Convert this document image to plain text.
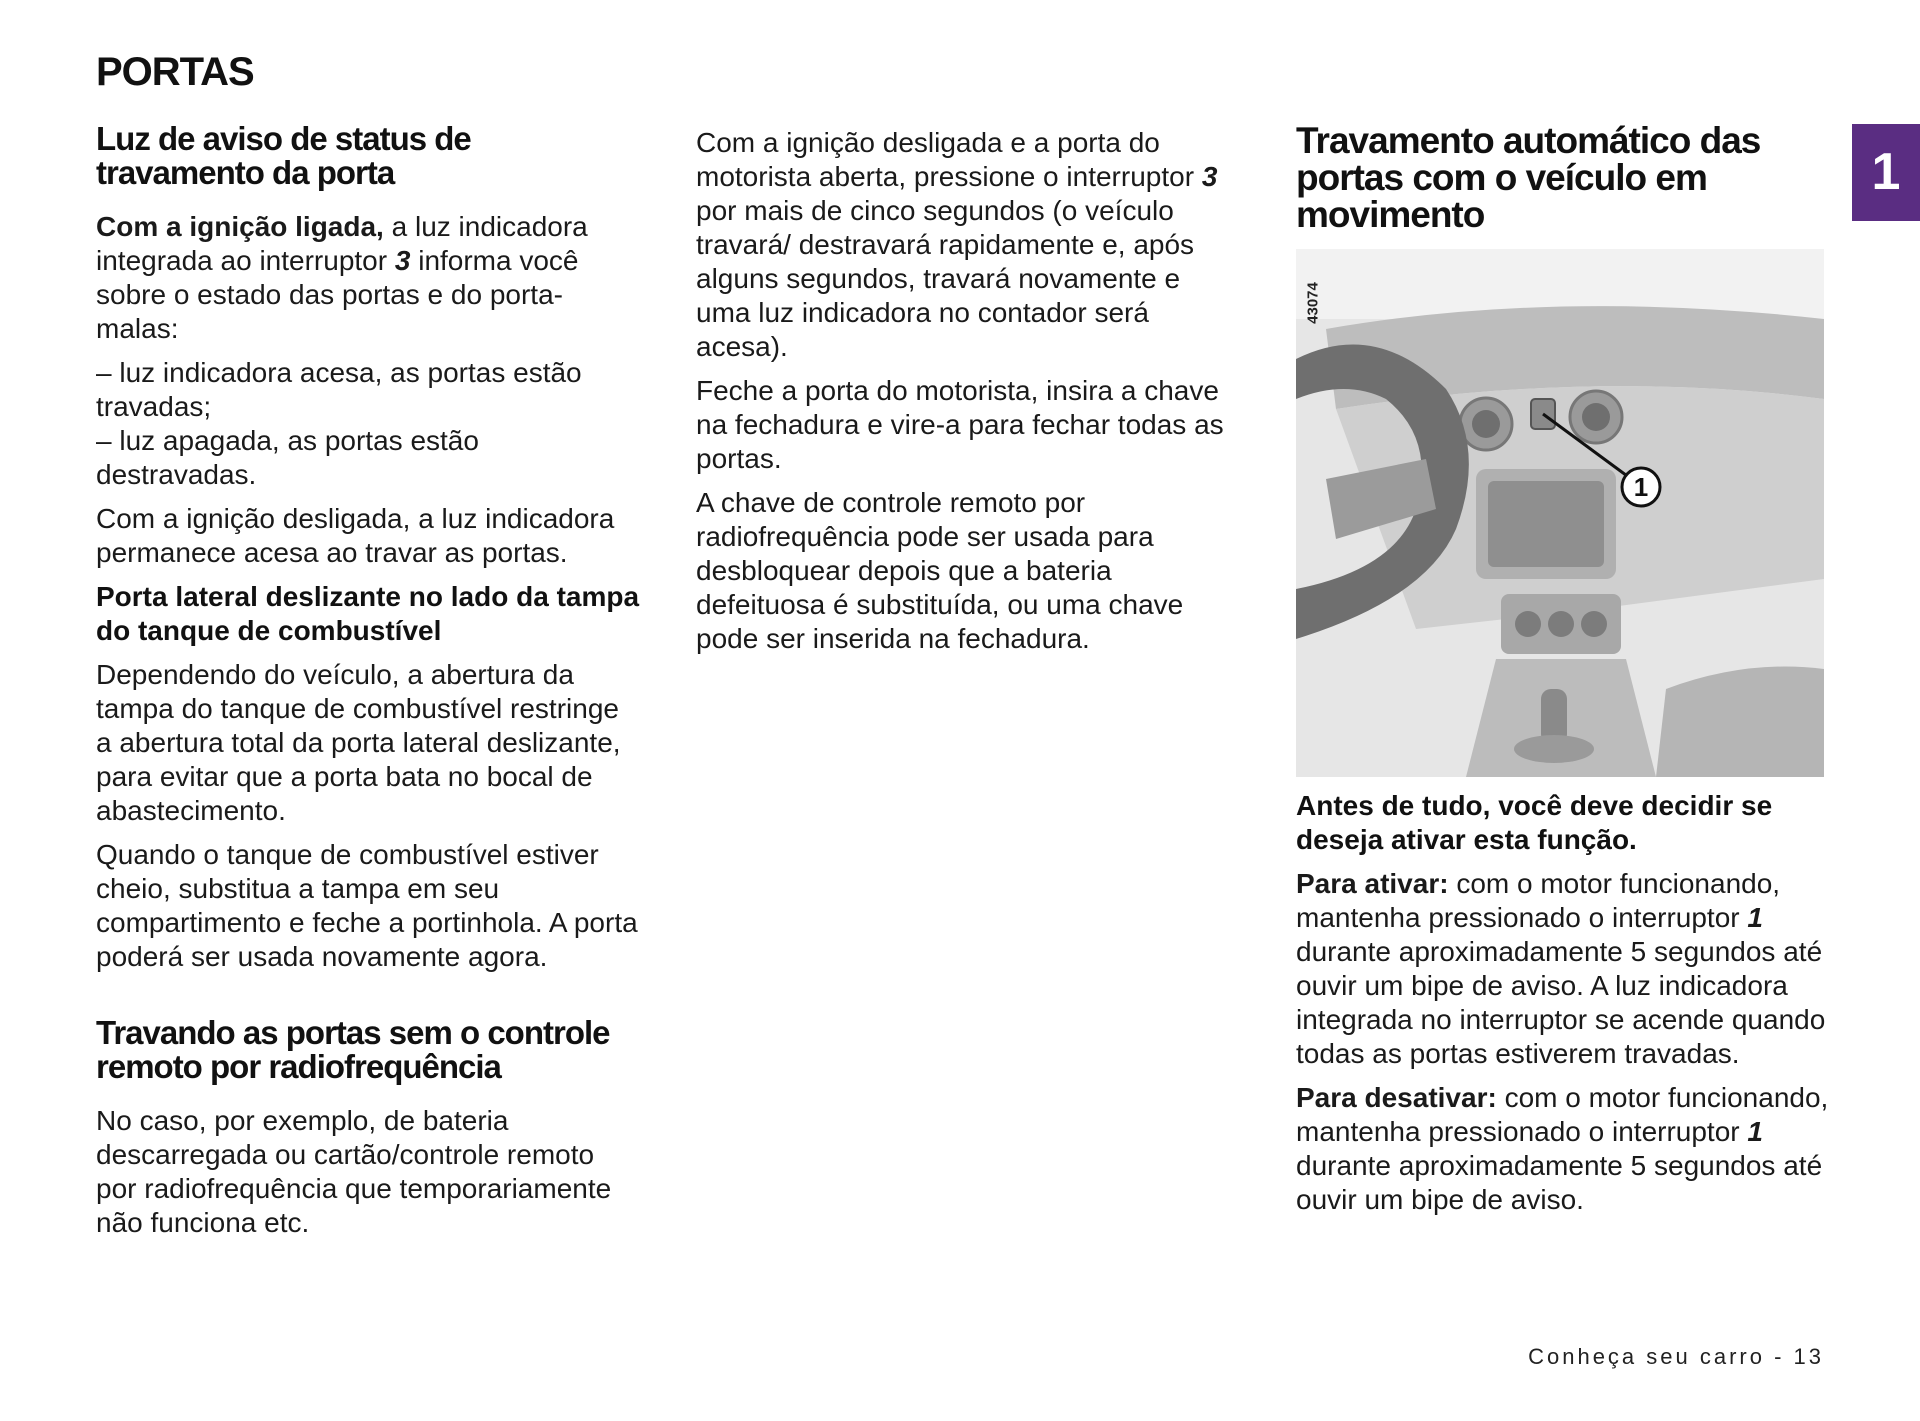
PORTAS
1
Luz de aviso de status de travamento da porta

Com a ignição ligada, a luz indicadora integrada ao interruptor 3 informa você sobre o estado das portas e do porta-malas:

– luz indicadora acesa, as portas estão travadas;

– luz apagada, as portas estão destravadas.

Com a ignição desligada, a luz indicadora permanece acesa ao travar as portas.

Porta lateral deslizante no lado da tampa do tanque de combustível

Dependendo do veículo, a abertura da tampa do tanque de combustível restringe a abertura total da porta lateral deslizante, para evitar que a porta bata no bocal de abastecimento.

Quando o tanque de combustível estiver cheio, substitua a tampa em seu compartimento e feche a portinhola. A porta poderá ser usada novamente agora.

Travando as portas sem o controle remoto por radiofrequência

No caso, por exemplo, de bateria descarregada ou cartão/controle remoto por radiofrequência que temporariamente não funciona etc.

Com a ignição desligada e a porta do motorista aberta, pressione o interruptor 3 por mais de cinco segundos (o veículo travará/ destravará rapidamente e, após alguns segundos, travará novamente e uma luz indicadora no contador será acesa).

Feche a porta do motorista, insira a chave na fechadura e vire-a para fechar todas as portas.

A chave de controle remoto por radiofrequência pode ser usada para desbloquear depois que a bateria defeituosa é substituída, ou uma chave pode ser inserida na fechadura.

Travamento automático das portas com o veículo em movimento
1
43074
Antes de tudo, você deve decidir se deseja ativar esta função.

Para ativar: com o motor funcionando, mantenha pressionado o interruptor 1 durante aproximadamente 5 segundos até ouvir um bipe de aviso. A luz indicadora integrada no interruptor se acende quando todas as portas estiverem travadas.

Para desativar: com o motor funcionando, mantenha pressionado o interruptor 1 durante aproximadamente 5 segundos até ouvir um bipe de aviso.

Conheça seu carro - 13
